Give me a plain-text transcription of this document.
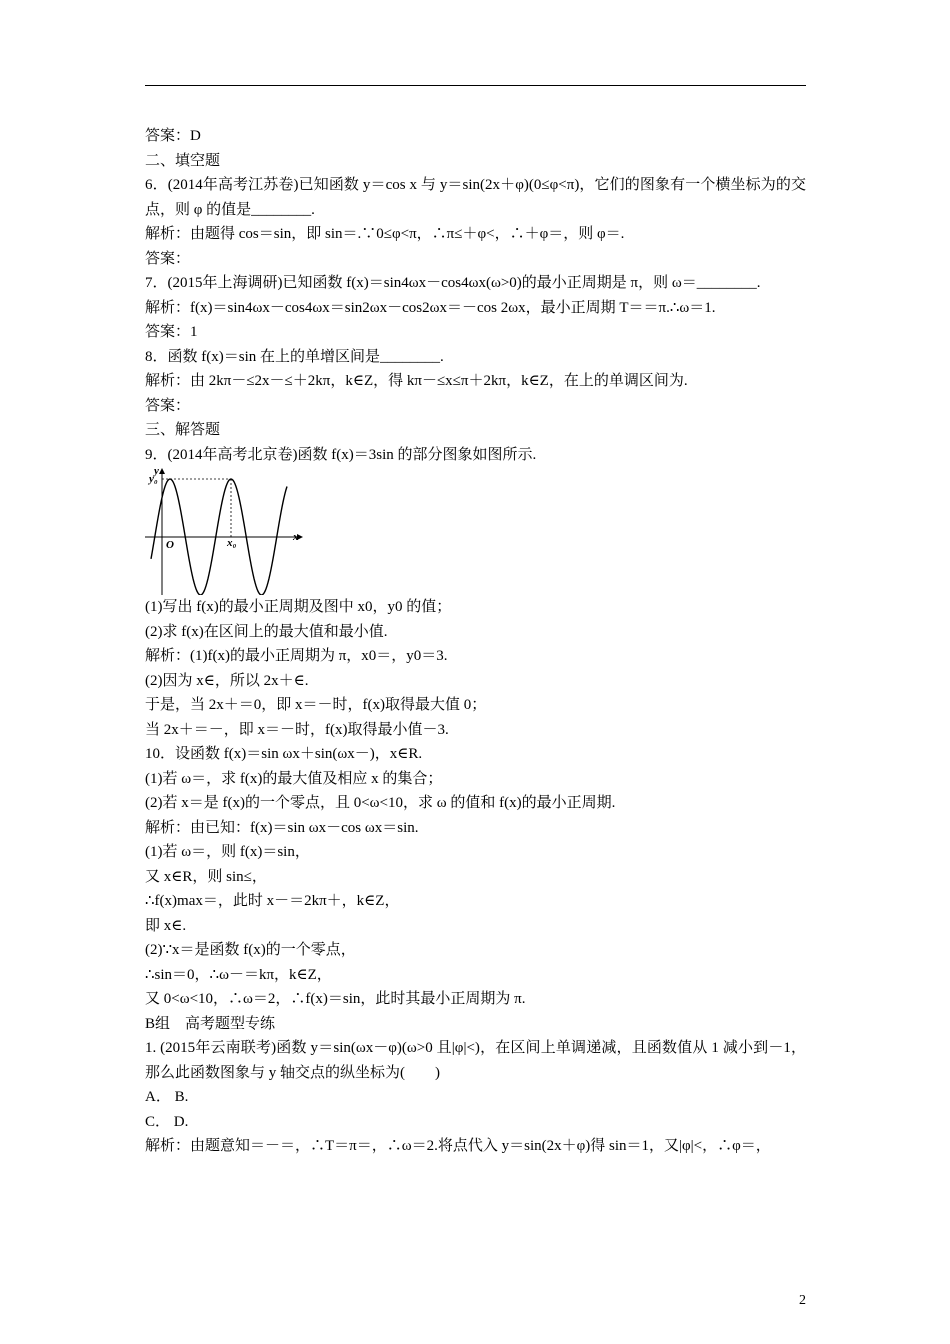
答案：D
二、填空题
6．(2014年高考江苏卷)已知函数 y＝cos x 与 y＝sin(2x＋φ)(0≤φ<π)，它们的图象有一个横坐标为的交点，则 φ 的值是________.
解析：由题得 cos＝sin，即 sin＝.∵0≤φ<π，∴π≤＋φ<，∴＋φ＝，则 φ＝.
答案：
7．(2015年上海调研)已知函数 f(x)＝sin4ωx－cos4ωx(ω>0)的最小正周期是 π，则 ω＝________.
解析：f(x)＝sin4ωx－cos4ωx＝sin2ωx－cos2ωx＝－cos 2ωx，最小正周期 T＝＝π.∴ω＝1.
答案：1
8．函数 f(x)＝sin 在上的单增区间是________.
解析：由 2kπ－≤2x－≤＋2kπ，k∈Z，得 kπ－≤x≤π＋2kπ，k∈Z，在上的单调区间为.
答案：
三、解答题
9．(2014年高考北京卷)函数 f(x)＝3sin 的部分图象如图所示.
y
y₀
O	x₀	x
(1)写出 f(x)的最小正周期及图中 x0，y0 的值；
(2)求 f(x)在区间上的最大值和最小值.
解析：(1)f(x)的最小正周期为 π，x0＝，y0＝3.
(2)因为 x∈，所以 2x＋∈.
于是，当 2x＋＝0，即 x＝－时，f(x)取得最大值 0；
当 2x＋＝－，即 x＝－时，f(x)取得最小值－3.
10．设函数 f(x)＝sin ωx＋sin(ωx－)，x∈R.
(1)若 ω＝，求 f(x)的最大值及相应 x 的集合；
(2)若 x＝是 f(x)的一个零点，且 0<ω<10，求 ω 的值和 f(x)的最小正周期.
解析：由已知：f(x)＝sin ωx－cos ωx＝sin.
(1)若 ω＝，则 f(x)＝sin，
又 x∈R，则 sin≤，
∴f(x)max＝，此时 x－＝2kπ＋，k∈Z，
即 x∈.
(2)∵x＝是函数 f(x)的一个零点，
∴sin＝0，∴ω－＝kπ，k∈Z，
又 0<ω<10，∴ω＝2，∴f(x)＝sin，此时其最小正周期为 π.
B组　高考题型专练
1. (2015年云南联考)函数 y＝sin(ωx－φ)(ω>0 且|φ|<)，在区间上单调递减，且函数值从 1 减小到－1，那么此函数图象与 y 轴交点的纵坐标为(　　)
A． B.
C． D.
解析：由题意知＝－＝，∴T＝π＝，∴ω＝2.将点代入 y＝sin(2x＋φ)得 sin＝1，又|φ|<，∴φ＝，
2
